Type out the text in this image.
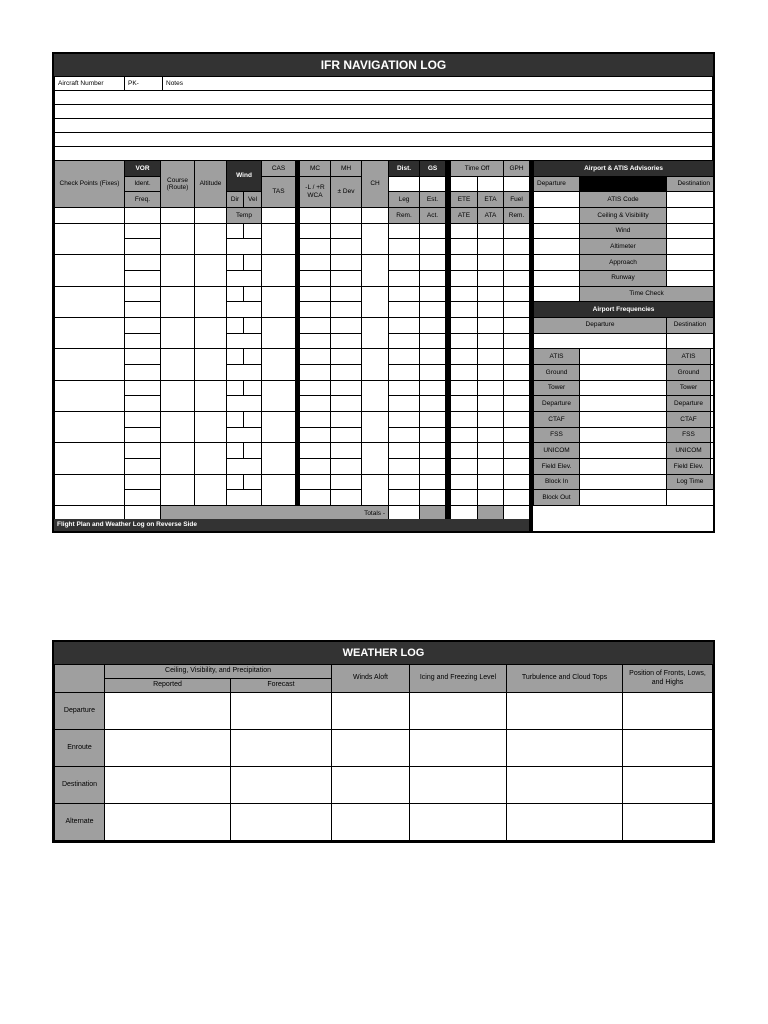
IFR NAVIGATION LOG
Aircraft Number	PK-	Notes

Check Points (Fixes)	VOR	Course (Route)	Altitude	Wind		CAS		MC	MH	CH	Dist.	GS		Time Off		GPH
	Ident.					TAS		-L / +R WCA	± Dev							
	Freq.			Dir	Vel						Leg	Est.		ETE	ETA	Fuel
				Temp							Rem.	Act.		ATE	ATA	Rem.

		Totals -														
Airport & ATIS Advisories		
Departure		Destination
	ATIS Code	
	Ceiling & Visibility	
	Wind	
	Altimeter	
	Approach	
	Runway	
	Time Check	
Airport Frequencies		
Departure		Destination

ATIS		ATIS

Ground		Ground

Tower		Tower

Departure		Departure

CTAF		CTAF

FSS		FSS

UNICOM		UNICOM

Field Elev.		Field Elev.

Block In		Log Time
Block Out		
Flight Plan and Weather Log on Reverse Side
WEATHER LOG
	Ceiling, Visibility, and Precipitation		Winds Aloft	Icing and Freezing Level	Turbulence and Cloud Tops	Position of Fronts, Lows, and Highs
	Reported	Forecast				
Departure						
Enroute						
Destination						
Alternate						
